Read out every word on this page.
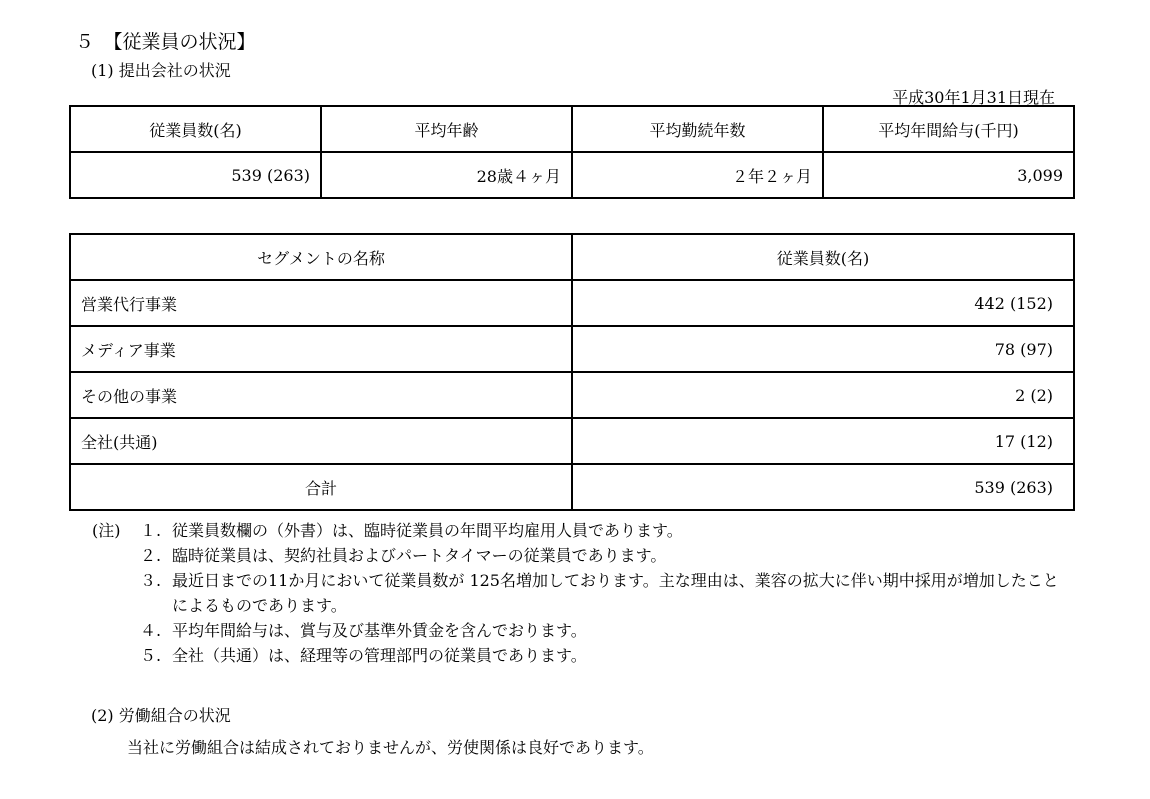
５　【従業員の状況】
(1) 提出会社の状況
平成30年1月31日現在
従業員数(名)	平均年齢	平均勤続年数	平均年間給与(千円)
539 (263)	28歳４ヶ月	２年２ヶ月	3,099
セグメントの名称	従業員数(名)
営業代行事業	442 (152)
メディア事業	78 (97)
その他の事業	2 (2)
全社(共通)	17 (12)
合計	539 (263)
(注)	１. 従業員数欄の（外書）は、臨時従業員の年間平均雇用人員であります。
２. 臨時従業員は、契約社員およびパートタイマーの従業員であります。
３. 最近日までの11か月において従業員数が 125名増加しております。主な理由は、業容の拡大に伴い期中採用が増加したことによるものであります。
４. 平均年間給与は、賞与及び基準外賃金を含んでおります。
５. 全社（共通）は、経理等の管理部門の従業員であります。
(2) 労働組合の状況
当社に労働組合は結成されておりませんが、労使関係は良好であります。
